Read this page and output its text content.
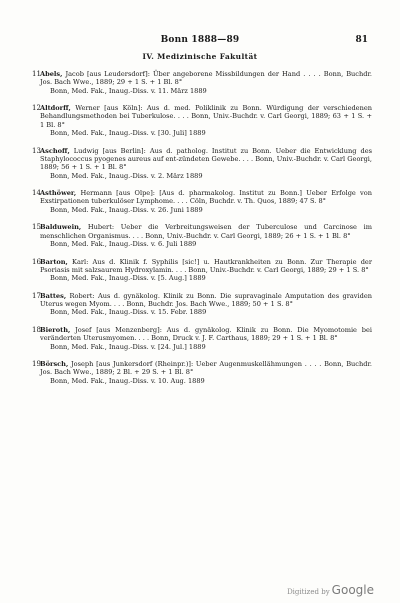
Bonn 1888—89	81
IV. Medizinische Fakultät
11 Abels, Jacob [aus Leudersdorf]: Über angeborene Missbildungen der Hand . . . . Bonn, Buchdr. Jos. Bach Wwe., 1889; 29 + 1 S. + 1 Bl. 8°
Bonn, Med. Fak., Inaug.-Diss. v. 11. März 1889
12 Altdorff, Werner [aus Köln]: Aus d. med. Poliklinik zu Bonn. Würdigung der verschiedenen Behandlungsmethoden bei Tuberkulose. . . . Bonn, Univ.-Buchdr. v. Carl Georgi, 1889; 63 + 1 S. + 1 Bl. 8°
Bonn, Med. Fak., Inaug.-Diss. v. [30. Juli] 1889
13 Aschoff, Ludwig [aus Berlin]: Aus d. patholog. Institut zu Bonn. Ueber die Entwicklung des Staphylococcus pyogenes aureus auf ent-zündeten Gewebe. . . . Bonn, Univ.-Buchdr. v. Carl Georgi, 1889; 56 + 1 S. + 1 Bl. 8°
Bonn, Med. Fak., Inaug.-Diss. v. 2. März 1889
14 Asthöwer, Hermann [aus Olpe]: [Aus d. pharmakolog. Institut zu Bonn.] Ueber Erfolge von Exstirpationen tuberkulöser Lymphome. . . . Cöln, Buchdr. v. Th. Quos, 1889; 47 S. 8°
Bonn, Med. Fak., Inaug.-Diss. v. 26. Juni 1889
15 Balduwein, Hubert: Ueber die Verbreitungsweisen der Tuberculose und Carcinose im menschlichen Organismus. . . . Bonn, Univ.-Buchdr. v. Carl Georgi, 1889; 26 + 1 S. + 1 Bl. 8°
Bonn, Med. Fak., Inaug.-Diss. v. 6. Juli 1889
16 Barton, Karl: Aus d. Klinik f. Syphilis [sic!] u. Hautkrankheiten zu Bonn. Zur Therapie der Psoriasis mit salzsaurem Hydroxylamin. . . . Bonn, Univ.-Buchdr. v. Carl Georgi, 1889; 29 + 1 S. 8°
Bonn, Med. Fak., Inaug.-Diss. v. [5. Aug.] 1889
17 Battes, Robert: Aus d. gynäkolog. Klinik zu Bonn. Die supravaginale Amputation des graviden Uterus wegen Myom. . . . Bonn, Buchdr. Jos. Bach Wwe., 1889; 50 + 1 S. 8°
Bonn, Med. Fak., Inaug.-Diss. v. 15. Febr. 1889
18 Bieroth, Josef [aus Menzenberg]: Aus d. gynäkolog. Klinik zu Bonn. Die Myomotomie bei veränderten Uterusmyomen. . . . Bonn, Druck v. J. F. Carthaus, 1889; 29 + 1 S. + 1 Bl. 8°
Bonn, Med. Fak., Inaug.-Diss. v. [24. Jul.] 1889
19 Börsch, Joseph [aus Junkersdorf (Rheinpr.)]: Ueber Augenmuskellähmungen . . . . Bonn, Buchdr. Jos. Bach Wwe., 1889; 2 Bl. + 29 S. + 1 Bl. 8°
Bonn, Med. Fak., Inaug.-Diss. v. 10. Aug. 1889
Digitized by Google
